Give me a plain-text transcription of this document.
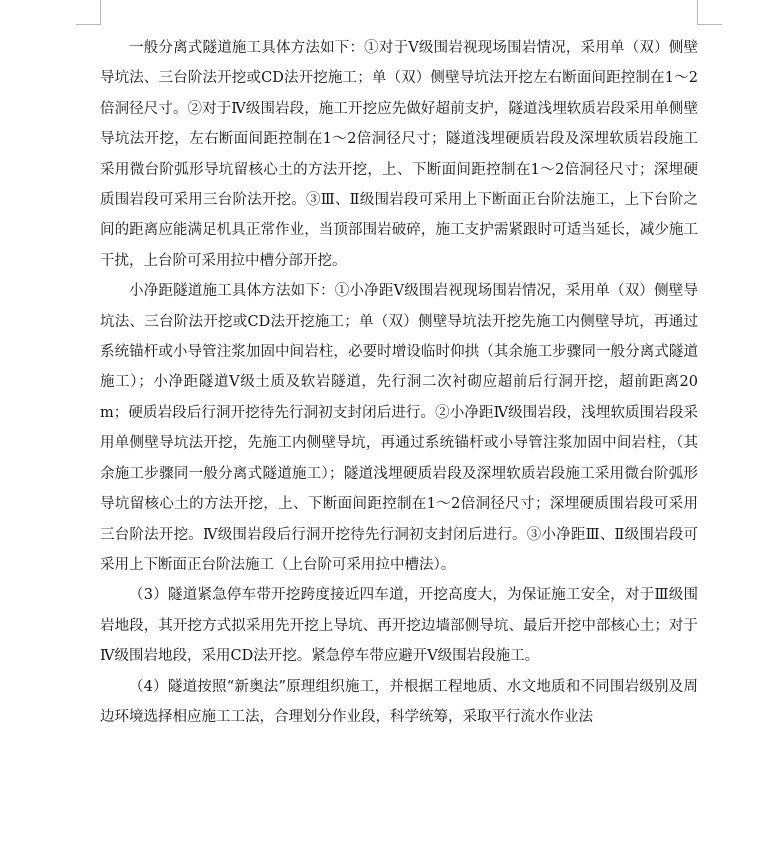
一般分离式隧道施工具体方法如下：①对于Ⅴ级围岩视现场围岩情况，采用单（双）侧壁导坑法、三台阶法开挖或CD法开挖施工；单（双）侧壁导坑法开挖左右断面间距控制在1～2倍洞径尺寸。②对于Ⅳ级围岩段，施工开挖应先做好超前支护，隧道浅埋软质岩段采用单侧壁导坑法开挖，左右断面间距控制在1～2倍洞径尺寸；隧道浅埋硬质岩段及深埋软质岩段施工采用微台阶弧形导坑留核心土的方法开挖，上、下断面间距控制在1～2倍洞径尺寸；深埋硬质围岩段可采用三台阶法开挖。③Ⅲ、Ⅱ级围岩段可采用上下断面正台阶法施工，上下台阶之间的距离应能满足机具正常作业，当顶部围岩破碎，施工支护需紧跟时可适当延长，减少施工干扰，上台阶可采用拉中槽分部开挖。

小净距隧道施工具体方法如下：①小净距Ⅴ级围岩视现场围岩情况，采用单（双）侧壁导坑法、三台阶法开挖或CD法开挖施工；单（双）侧壁导坑法开挖先施工内侧壁导坑，再通过系统锚杆或小导管注浆加固中间岩柱，必要时增设临时仰拱（其余施工步骤同一般分离式隧道施工）；小净距隧道Ⅴ级土质及软岩隧道，先行洞二次衬砌应超前后行洞开挖，超前距离20m；硬质岩段后行洞开挖待先行洞初支封闭后进行。②小净距Ⅳ级围岩段，浅埋软质围岩段采用单侧壁导坑法开挖，先施工内侧壁导坑，再通过系统锚杆或小导管注浆加固中间岩柱，（其余施工步骤同一般分离式隧道施工）；隧道浅埋硬质岩段及深埋软质岩段施工采用微台阶弧形导坑留核心土的方法开挖，上、下断面间距控制在1～2倍洞径尺寸；深埋硬质围岩段可采用三台阶法开挖。Ⅳ级围岩段后行洞开挖待先行洞初支封闭后进行。③小净距Ⅲ、Ⅱ级围岩段可采用上下断面正台阶法施工（上台阶可采用拉中槽法）。

（3）隧道紧急停车带开挖跨度接近四车道，开挖高度大，为保证施工安全，对于Ⅲ级围岩地段，其开挖方式拟采用先开挖上导坑、再开挖边墙部侧导坑、最后开挖中部核心土；对于Ⅳ级围岩地段，采用CD法开挖。紧急停车带应避开Ⅴ级围岩段施工。

（4）隧道按照“新奥法”原理组织施工，并根据工程地质、水文地质和不同围岩级别及周边环境选择相应施工工法，合理划分作业段，科学统筹，采取平行流水作业法
